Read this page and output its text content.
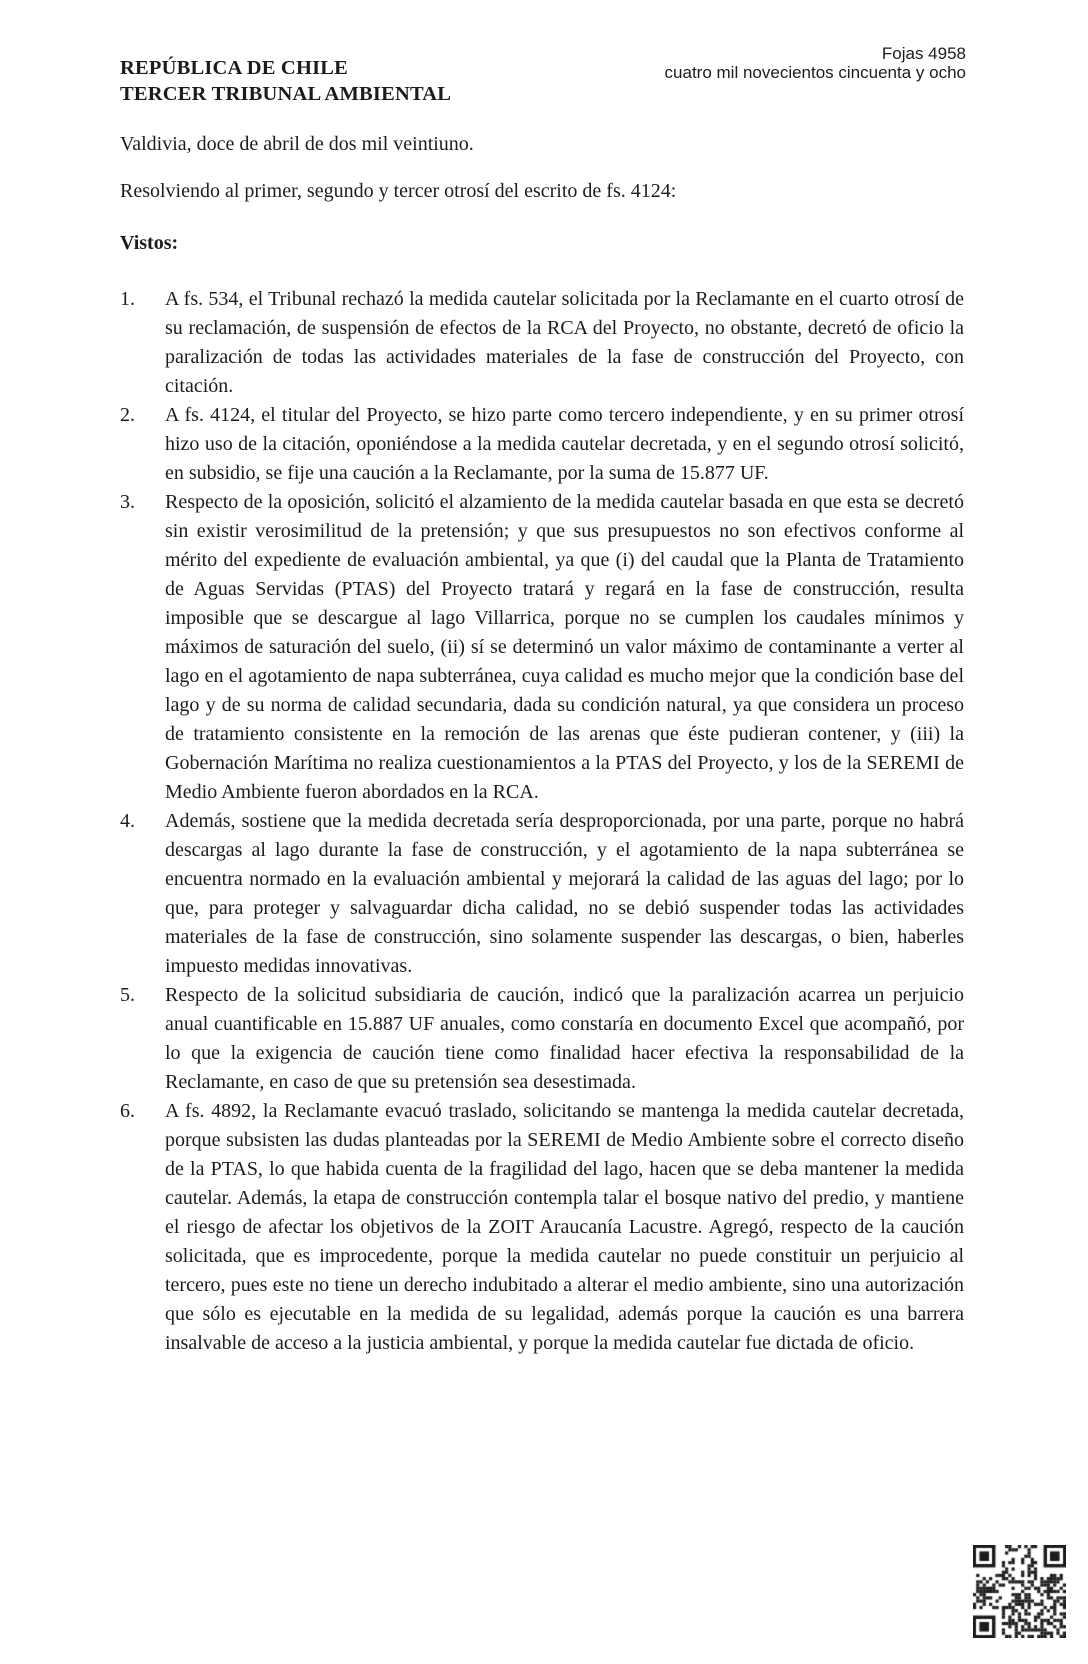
REPÚBLICA DE CHILE
TERCER TRIBUNAL AMBIENTAL
Fojas 4958
cuatro mil novecientos cincuenta y ocho

Valdivia, doce de abril de dos mil veintiuno.

Resolviendo al primer, segundo y tercer otrosí del escrito de fs. 4124:

Vistos:

1.	A fs. 534, el Tribunal rechazó la medida cautelar solicitada por la Reclamante en el cuarto otrosí de su reclamación, de suspensión de efectos de la RCA del Proyecto, no obstante, decretó de oficio la paralización de todas las actividades materiales de la fase de construcción del Proyecto, con citación.
2.	A fs. 4124, el titular del Proyecto, se hizo parte como tercero independiente, y en su primer otrosí hizo uso de la citación, oponiéndose a la medida cautelar decretada, y en el segundo otrosí solicitó, en subsidio, se fije una caución a la Reclamante, por la suma de 15.877 UF.
3.	Respecto de la oposición, solicitó el alzamiento de la medida cautelar basada en que esta se decretó sin existir verosimilitud de la pretensión; y que sus presupuestos no son efectivos conforme al mérito del expediente de evaluación ambiental, ya que (i) del caudal que la Planta de Tratamiento de Aguas Servidas (PTAS) del Proyecto tratará y regará en la fase de construcción, resulta imposible que se descargue al lago Villarrica, porque no se cumplen los caudales mínimos y máximos de saturación del suelo, (ii) sí se determinó un valor máximo de contaminante a verter al lago en el agotamiento de napa subterránea, cuya calidad es mucho mejor que la condición base del lago y de su norma de calidad secundaria, dada su condición natural, ya que considera un proceso de tratamiento consistente en la remoción de las arenas que éste pudieran contener, y (iii) la Gobernación Marítima no realiza cuestionamientos a la PTAS del Proyecto, y los de la SEREMI de Medio Ambiente fueron abordados en la RCA.
4.	Además, sostiene que la medida decretada sería desproporcionada, por una parte, porque no habrá descargas al lago durante la fase de construcción, y el agotamiento de la napa subterránea se encuentra normado en la evaluación ambiental y mejorará la calidad de las aguas del lago; por lo que, para proteger y salvaguardar dicha calidad, no se debió suspender todas las actividades materiales de la fase de construcción, sino solamente suspender las descargas, o bien, haberles impuesto medidas innovativas.
5.	Respecto de la solicitud subsidiaria de caución, indicó que la paralización acarrea un perjuicio anual cuantificable en 15.887 UF anuales, como constaría en documento Excel que acompañó, por lo que la exigencia de caución tiene como finalidad hacer efectiva la responsabilidad de la Reclamante, en caso de que su pretensión sea desestimada.
6.	A fs. 4892, la Reclamante evacuó traslado, solicitando se mantenga la medida cautelar decretada, porque subsisten las dudas planteadas por la SEREMI de Medio Ambiente sobre el correcto diseño de la PTAS, lo que habida cuenta de la fragilidad del lago, hacen que se deba mantener la medida cautelar. Además, la etapa de construcción contempla talar el bosque nativo del predio, y mantiene el riesgo de afectar los objetivos de la ZOIT Araucanía Lacustre. Agregó, respecto de la caución solicitada, que es improcedente, porque la medida cautelar no puede constituir un perjuicio al tercero, pues este no tiene un derecho indubitado a alterar el medio ambiente, sino una autorización que sólo es ejecutable en la medida de su legalidad, además porque la caución es una barrera insalvable de acceso a la justicia ambiental, y porque la medida cautelar fue dictada de oficio.
